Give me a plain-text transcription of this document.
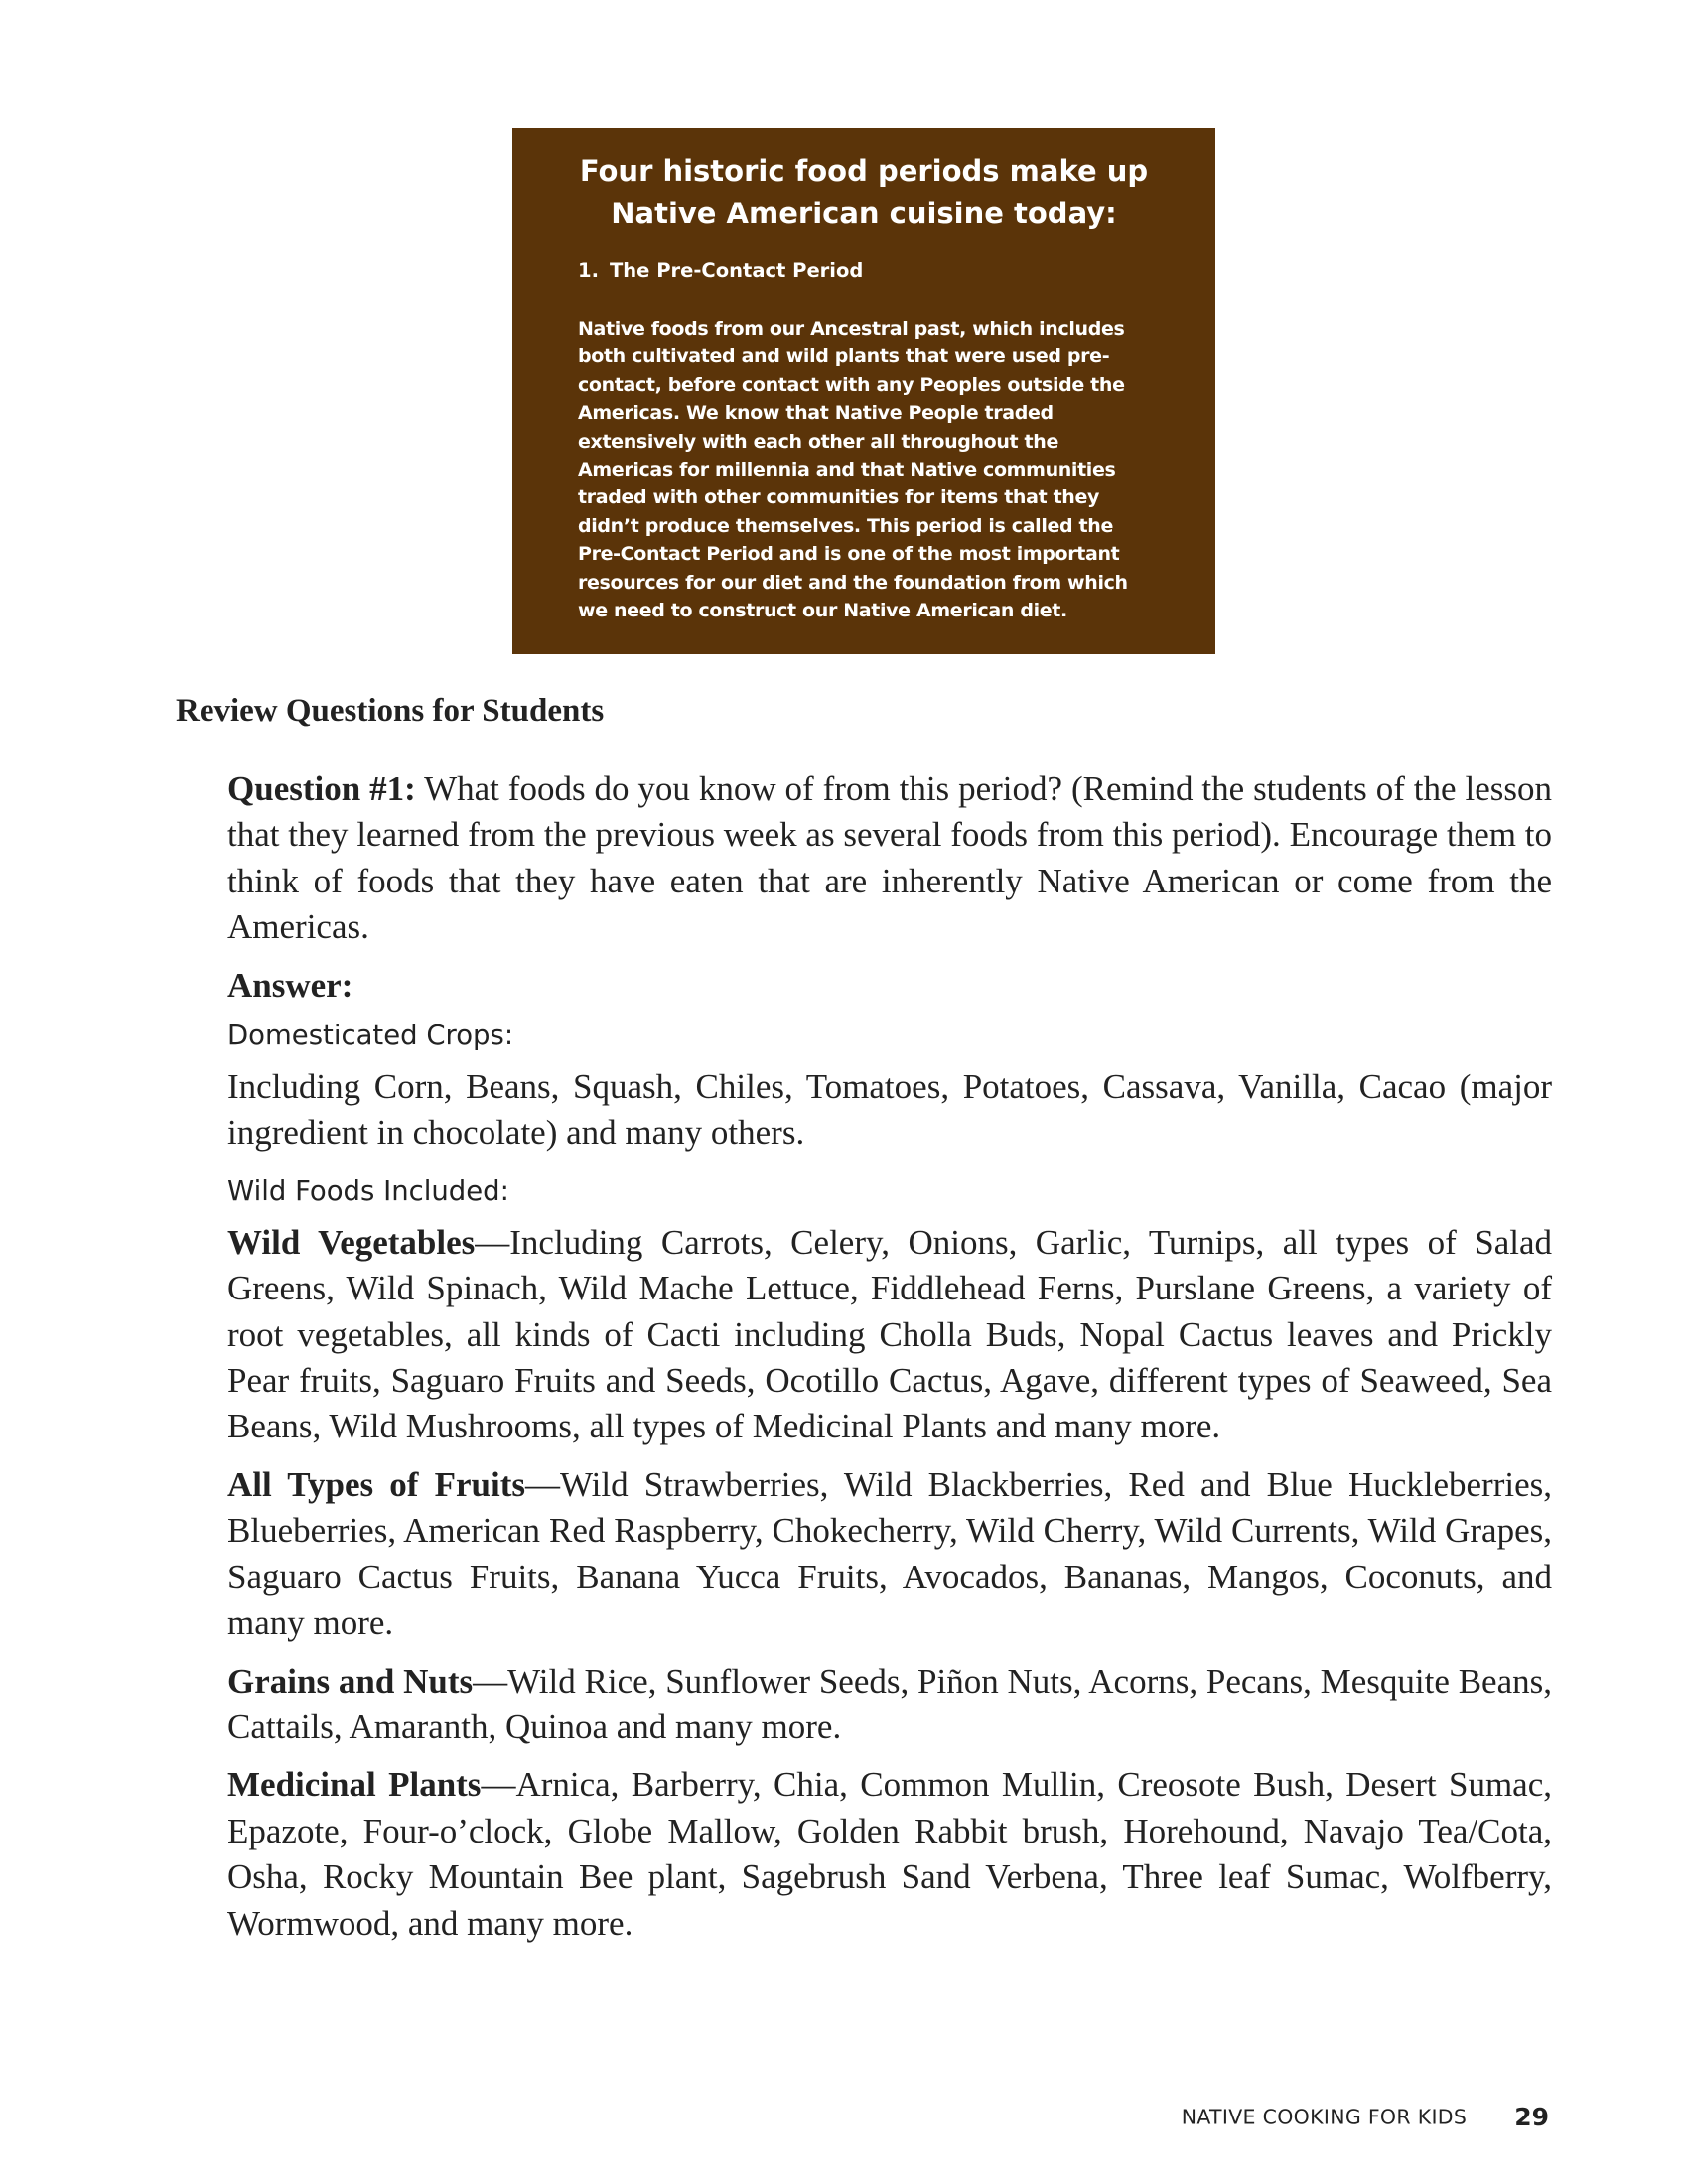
Four historic food periods make up
Native American cuisine today:
1. The Pre-Contact Period
Native foods from our Ancestral past, which includes both cultivated and wild plants that were used pre-contact, before contact with any Peoples outside the Americas. We know that Native People traded extensively with each other all throughout the Americas for millennia and that Native communities traded with other communities for items that they didn’t produce themselves. This period is called the Pre-Contact Period and is one of the most important resources for our diet and the foundation from which we need to construct our Native American diet.
Review Questions for Students

Question #1: What foods do you know of from this period? (Remind the students of the lesson that they learned from the previous week as several foods from this period). Encourage them to think of foods that they have eaten that are inherently Native American or come from the Americas.

Answer:

Domesticated Crops:

Including Corn, Beans, Squash, Chiles, Tomatoes, Potatoes, Cassava, Vanilla, Cacao (major ingredient in chocolate) and many others.

Wild Foods Included:

Wild Vegetables—Including Carrots, Celery, Onions, Garlic, Turnips, all types of Salad Greens, Wild Spinach, Wild Mache Lettuce, Fiddlehead Ferns, Purslane Greens, a variety of root vegetables, all kinds of Cacti including Cholla Buds, Nopal Cactus leaves and Prickly Pear fruits, Saguaro Fruits and Seeds, Ocotillo Cactus, Agave, different types of Seaweed, Sea Beans, Wild Mushrooms, all types of Medicinal Plants and many more.

All Types of Fruits—Wild Strawberries, Wild Blackberries, Red and Blue Huckleberries, Blueberries, American Red Raspberry, Chokecherry, Wild Cherry, Wild Currents, Wild Grapes, Saguaro Cactus Fruits, Banana Yucca Fruits, Avocados, Bananas, Mangos, Coconuts, and many more.

Grains and Nuts—Wild Rice, Sunflower Seeds, Piñon Nuts, Acorns, Pecans, Mesquite Beans, Cattails, Amaranth, Quinoa and many more.

Medicinal Plants—Arnica, Barberry, Chia, Common Mullin, Creosote Bush, Desert Sumac, Epazote, Four-o’clock, Globe Mallow, Golden Rabbit brush, Horehound, Navajo Tea/Cota, Osha, Rocky Mountain Bee plant, Sagebrush Sand Verbena, Three leaf Sumac, Wolfberry, Wormwood, and many more.

NATIVE COOKING FOR KIDS 29
